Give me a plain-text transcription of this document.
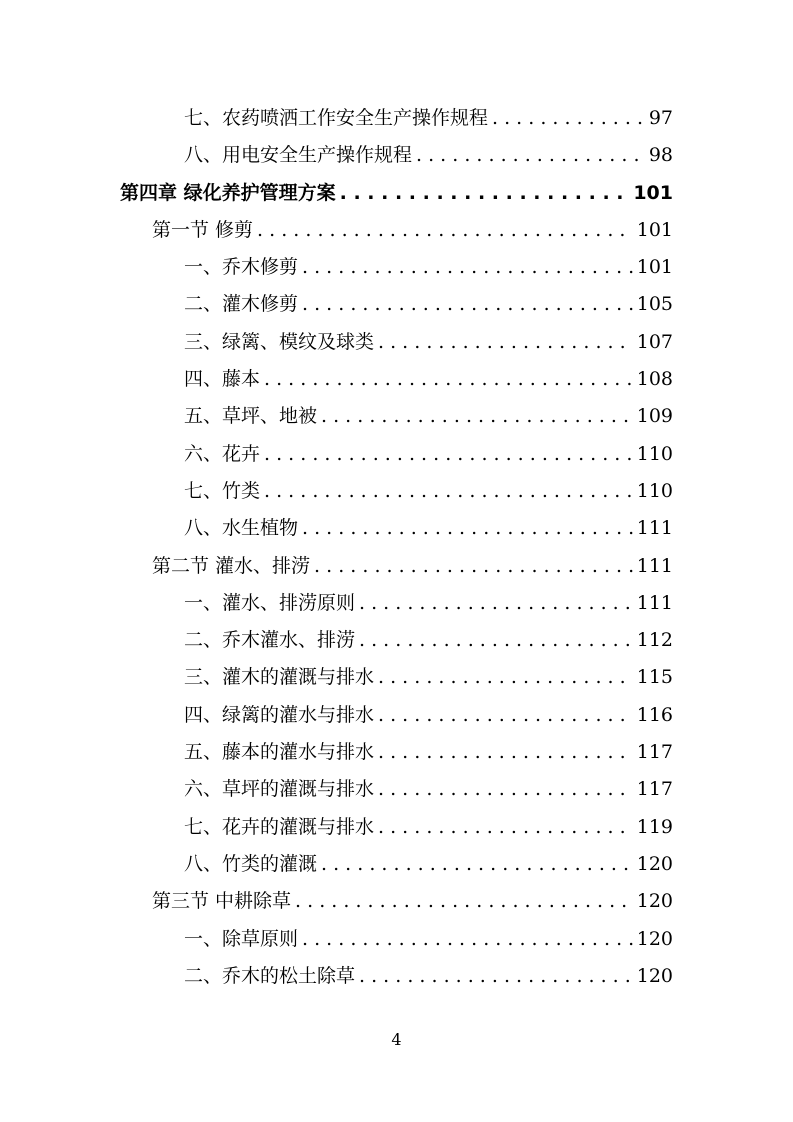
七、农药喷洒工作安全生产操作规程 . . .	97
八、用电安全生产操作规程 . . .	98
第四章 绿化养护管理方案 . . .	101
第一节 修剪 . . .	101
一、乔木修剪 . . .	101
二、灌木修剪 . . .	105
三、绿篱、模纹及球类 . . .	107
四、藤本 . . .	108
五、草坪、地被 . . .	109
六、花卉 . . .	110
七、竹类 . . .	110
八、水生植物 . . .	111
第二节 灌水、排涝 . . .	111
一、灌水、排涝原则 . . .	111
二、乔木灌水、排涝 . . .	112
三、灌木的灌溉与排水 . . .	115
四、绿篱的灌水与排水 . . .	116
五、藤本的灌水与排水 . . .	117
六、草坪的灌溉与排水 . . .	117
七、花卉的灌溉与排水 . . .	119
八、竹类的灌溉 . . .	120
第三节 中耕除草 . . .	120
一、除草原则 . . .	120
二、乔木的松土除草 . . .	120
4
